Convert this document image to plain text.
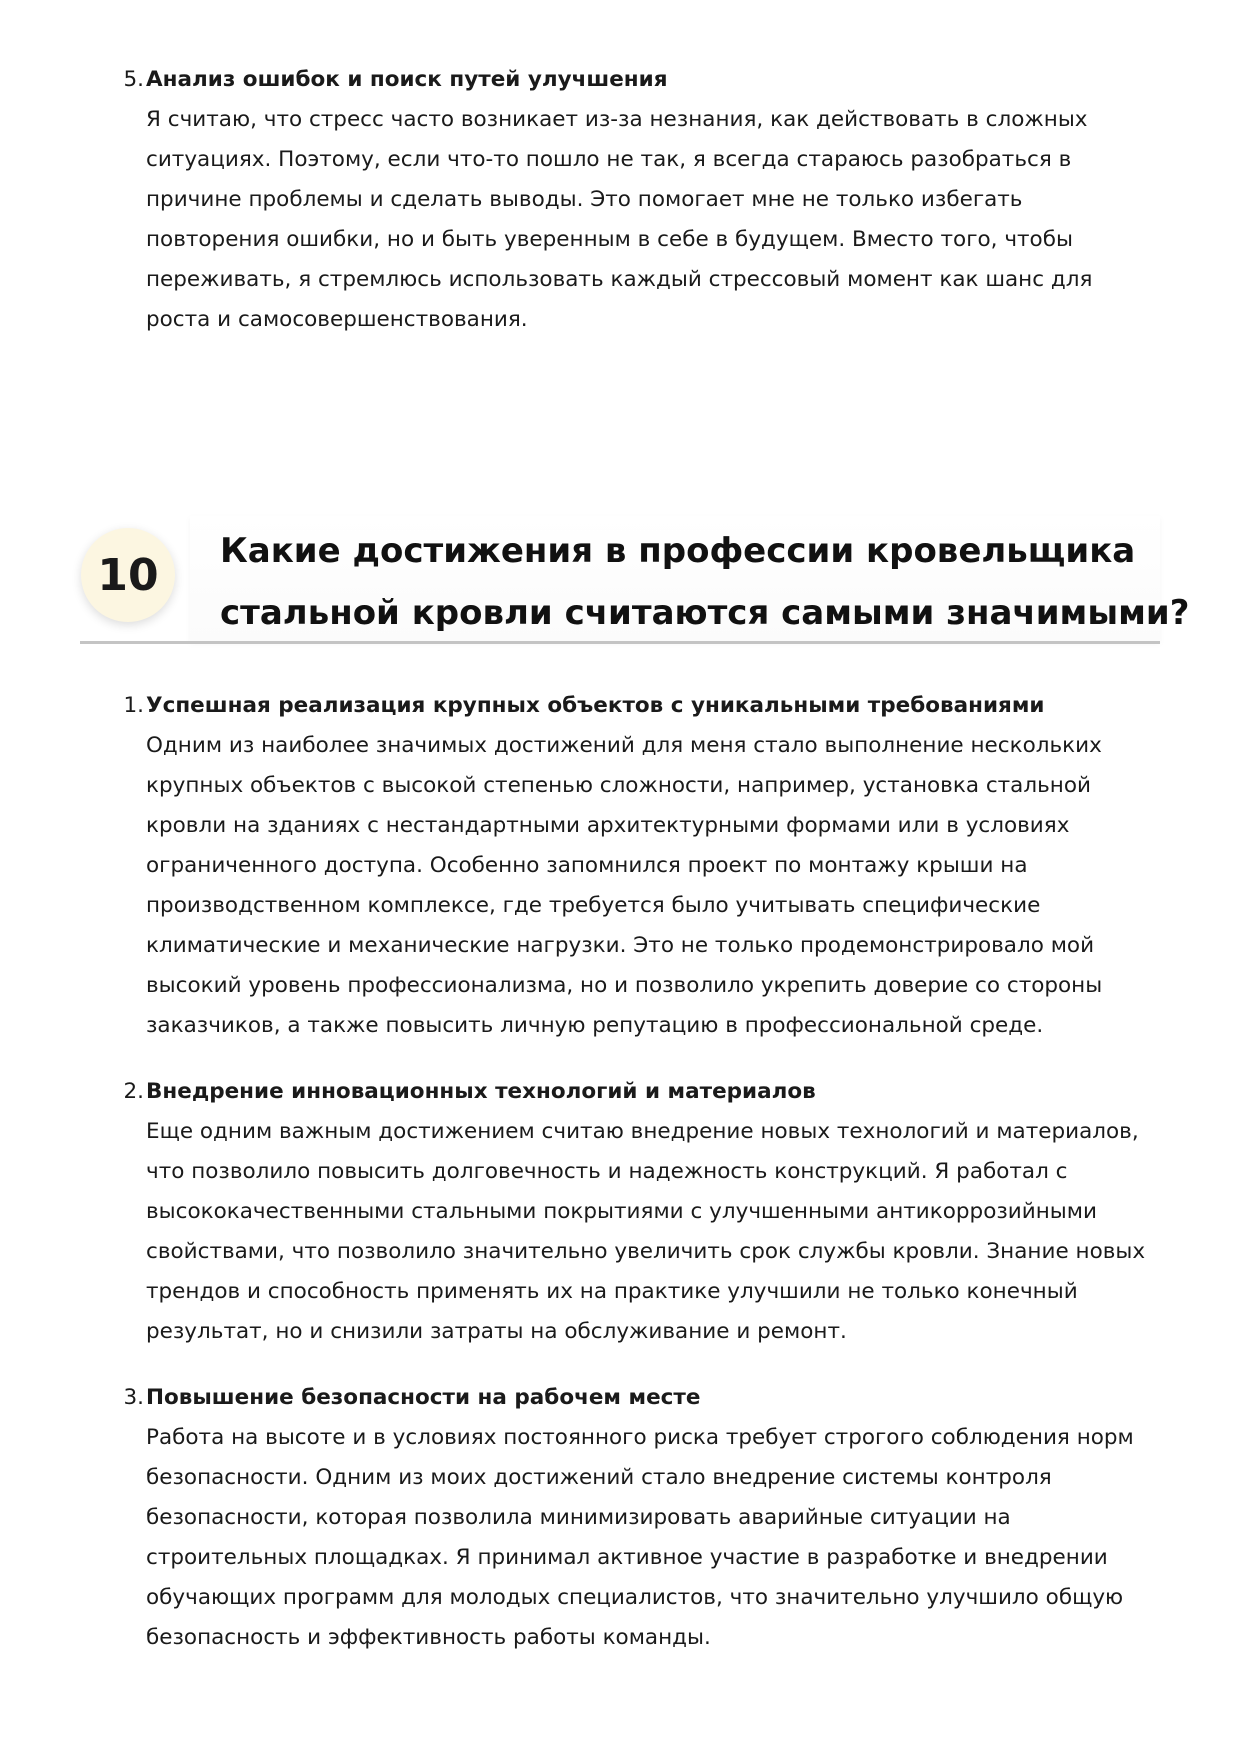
5. Анализ ошибок и поиск путей улучшения
Я считаю, что стресс часто возникает из-за незнания, как действовать в сложных
ситуациях. Поэтому, если что-то пошло не так, я всегда стараюсь разобраться в
причине проблемы и сделать выводы. Это помогает мне не только избегать
повторения ошибки, но и быть уверенным в себе в будущем. Вместо того, чтобы
переживать, я стремлюсь использовать каждый стрессовый момент как шанс для
роста и самосовершенствования.
10	Какие достижения в профессии кровельщика
стальной кровли считаются самыми значимыми?
1. Успешная реализация крупных объектов с уникальными требованиями
Одним из наиболее значимых достижений для меня стало выполнение нескольких
крупных объектов с высокой степенью сложности, например, установка стальной
кровли на зданиях с нестандартными архитектурными формами или в условиях
ограниченного доступа. Особенно запомнился проект по монтажу крыши на
производственном комплексе, где требуется было учитывать специфические
климатические и механические нагрузки. Это не только продемонстрировало мой
высокий уровень профессионализма, но и позволило укрепить доверие со стороны
заказчиков, а также повысить личную репутацию в профессиональной среде.
2. Внедрение инновационных технологий и материалов
Еще одним важным достижением считаю внедрение новых технологий и материалов,
что позволило повысить долговечность и надежность конструкций. Я работал с
высококачественными стальными покрытиями с улучшенными антикоррозийными
свойствами, что позволило значительно увеличить срок службы кровли. Знание новых
трендов и способность применять их на практике улучшили не только конечный
результат, но и снизили затраты на обслуживание и ремонт.
3. Повышение безопасности на рабочем месте
Работа на высоте и в условиях постоянного риска требует строгого соблюдения норм
безопасности. Одним из моих достижений стало внедрение системы контроля
безопасности, которая позволила минимизировать аварийные ситуации на
строительных площадках. Я принимал активное участие в разработке и внедрении
обучающих программ для молодых специалистов, что значительно улучшило общую
безопасность и эффективность работы команды.
